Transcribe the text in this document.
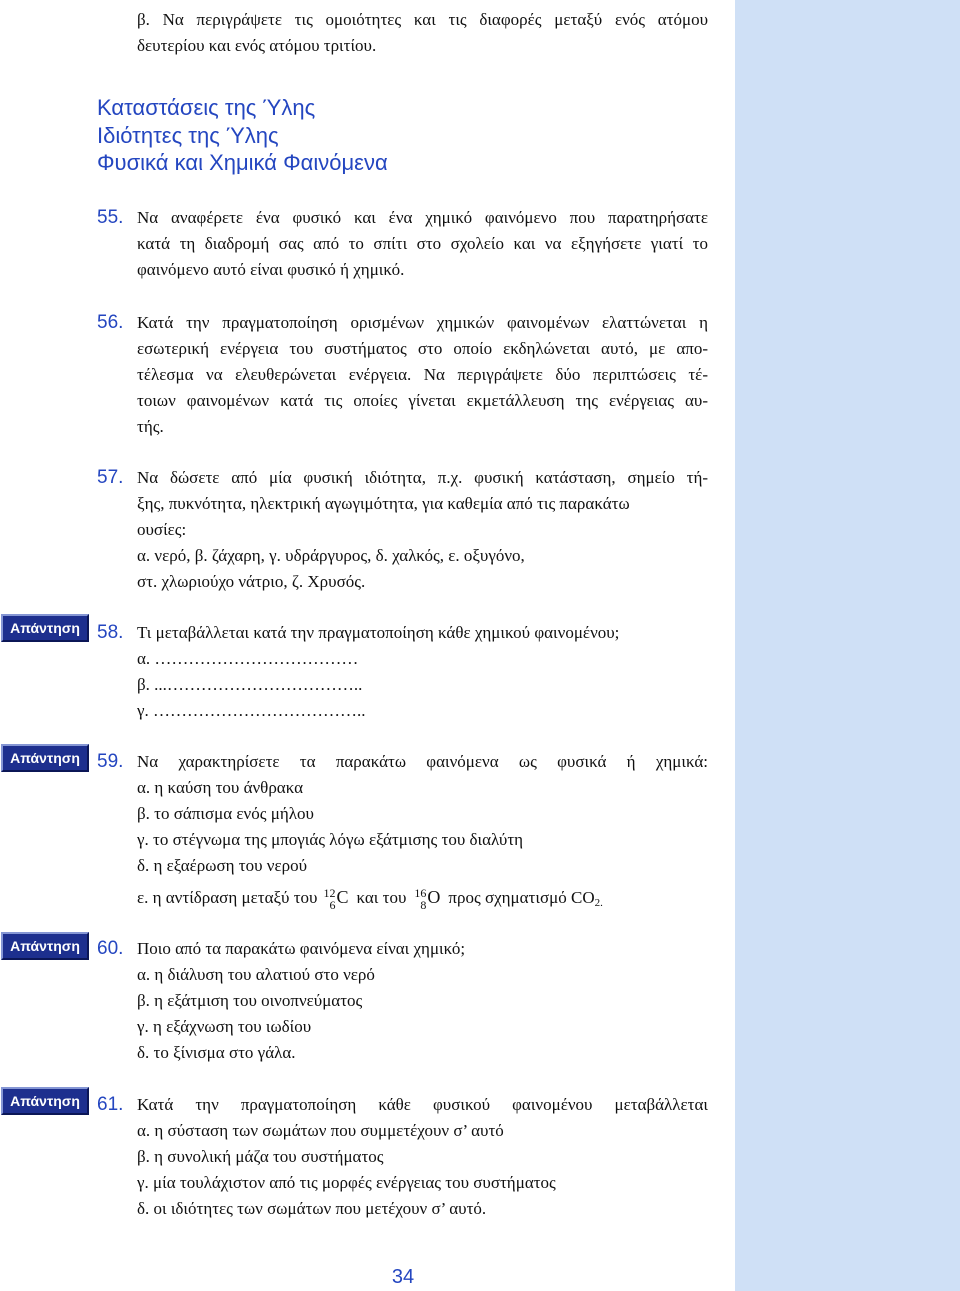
β. Να περιγράψετε τις ομοιότητες και τις διαφορές μεταξύ ενός ατόμου
δευτερίου και ενός ατόμου τριτίου.
Καταστάσεις της Ύλης
Ιδιότητες της Ύλης
Φυσικά και Χημικά Φαινόμενα
55. Να αναφέρετε ένα φυσικό και ένα χημικό φαινόμενο που παρατηρήσατε
κατά τη διαδρομή σας από το σπίτι στο σχολείο και να εξηγήσετε γιατί το
φαινόμενο αυτό είναι φυσικό ή χημικό.
56. Κατά την πραγματοποίηση ορισμένων χημικών φαινομένων ελαττώνεται η
εσωτερική ενέργεια του συστήματος στο οποίο εκδηλώνεται αυτό, με απο-
τέλεσμα να ελευθερώνεται ενέργεια. Να περιγράψετε δύο περιπτώσεις τέ-
τοιων φαινομένων κατά τις οποίες γίνεται εκμετάλλευση της ενέργειας αυ-
τής.
57. Να δώσετε από μία φυσική ιδιότητα, π.χ. φυσική κατάσταση, σημείο τή-
ξης, πυκνότητα, ηλεκτρική αγωγιμότητα, για καθεμία από τις παρακάτω
ουσίες:
α. νερό, β. ζάχαρη, γ. υδράργυρος, δ. χαλκός, ε. οξυγόνο,
στ. χλωριούχο νάτριο, ζ. Χρυσός.
Απάντηση 58. Τι μεταβάλλεται κατά την πραγματοποίηση κάθε χημικού φαινομένου;
α. ………………………………
β. ...……………………………..
γ. ………………………………..
Απάντηση 59. Να χαρακτηρίσετε τα παρακάτω φαινόμενα ως φυσικά ή χημικά:
α. η καύση του άνθρακα
β. το σάπισμα ενός μήλου
γ. το στέγνωμα της μπογιάς λόγω εξάτμισης του διαλύτη
δ. η εξαέρωση του νερού
ε. η αντίδραση μεταξύ του 12
6 C και του 16
8 O προς σχηματισμό CO2.
Απάντηση 60. Ποιο από τα παρακάτω φαινόμενα είναι χημικό;
α. η διάλυση του αλατιού στο νερό
β. η εξάτμιση του οινοπνεύματος
γ. η εξάχνωση του ιωδίου
δ. το ξίνισμα στο γάλα.
Απάντηση 61. Κατά την πραγματοποίηση κάθε φυσικού φαινομένου μεταβάλλεται
α. η σύσταση των σωμάτων που συμμετέχουν σ’ αυτό
β. η συνολική μάζα του συστήματος
γ. μία τουλάχιστον από τις μορφές ενέργειας του συστήματος
δ. οι ιδιότητες των σωμάτων που μετέχουν σ’ αυτό.
34
